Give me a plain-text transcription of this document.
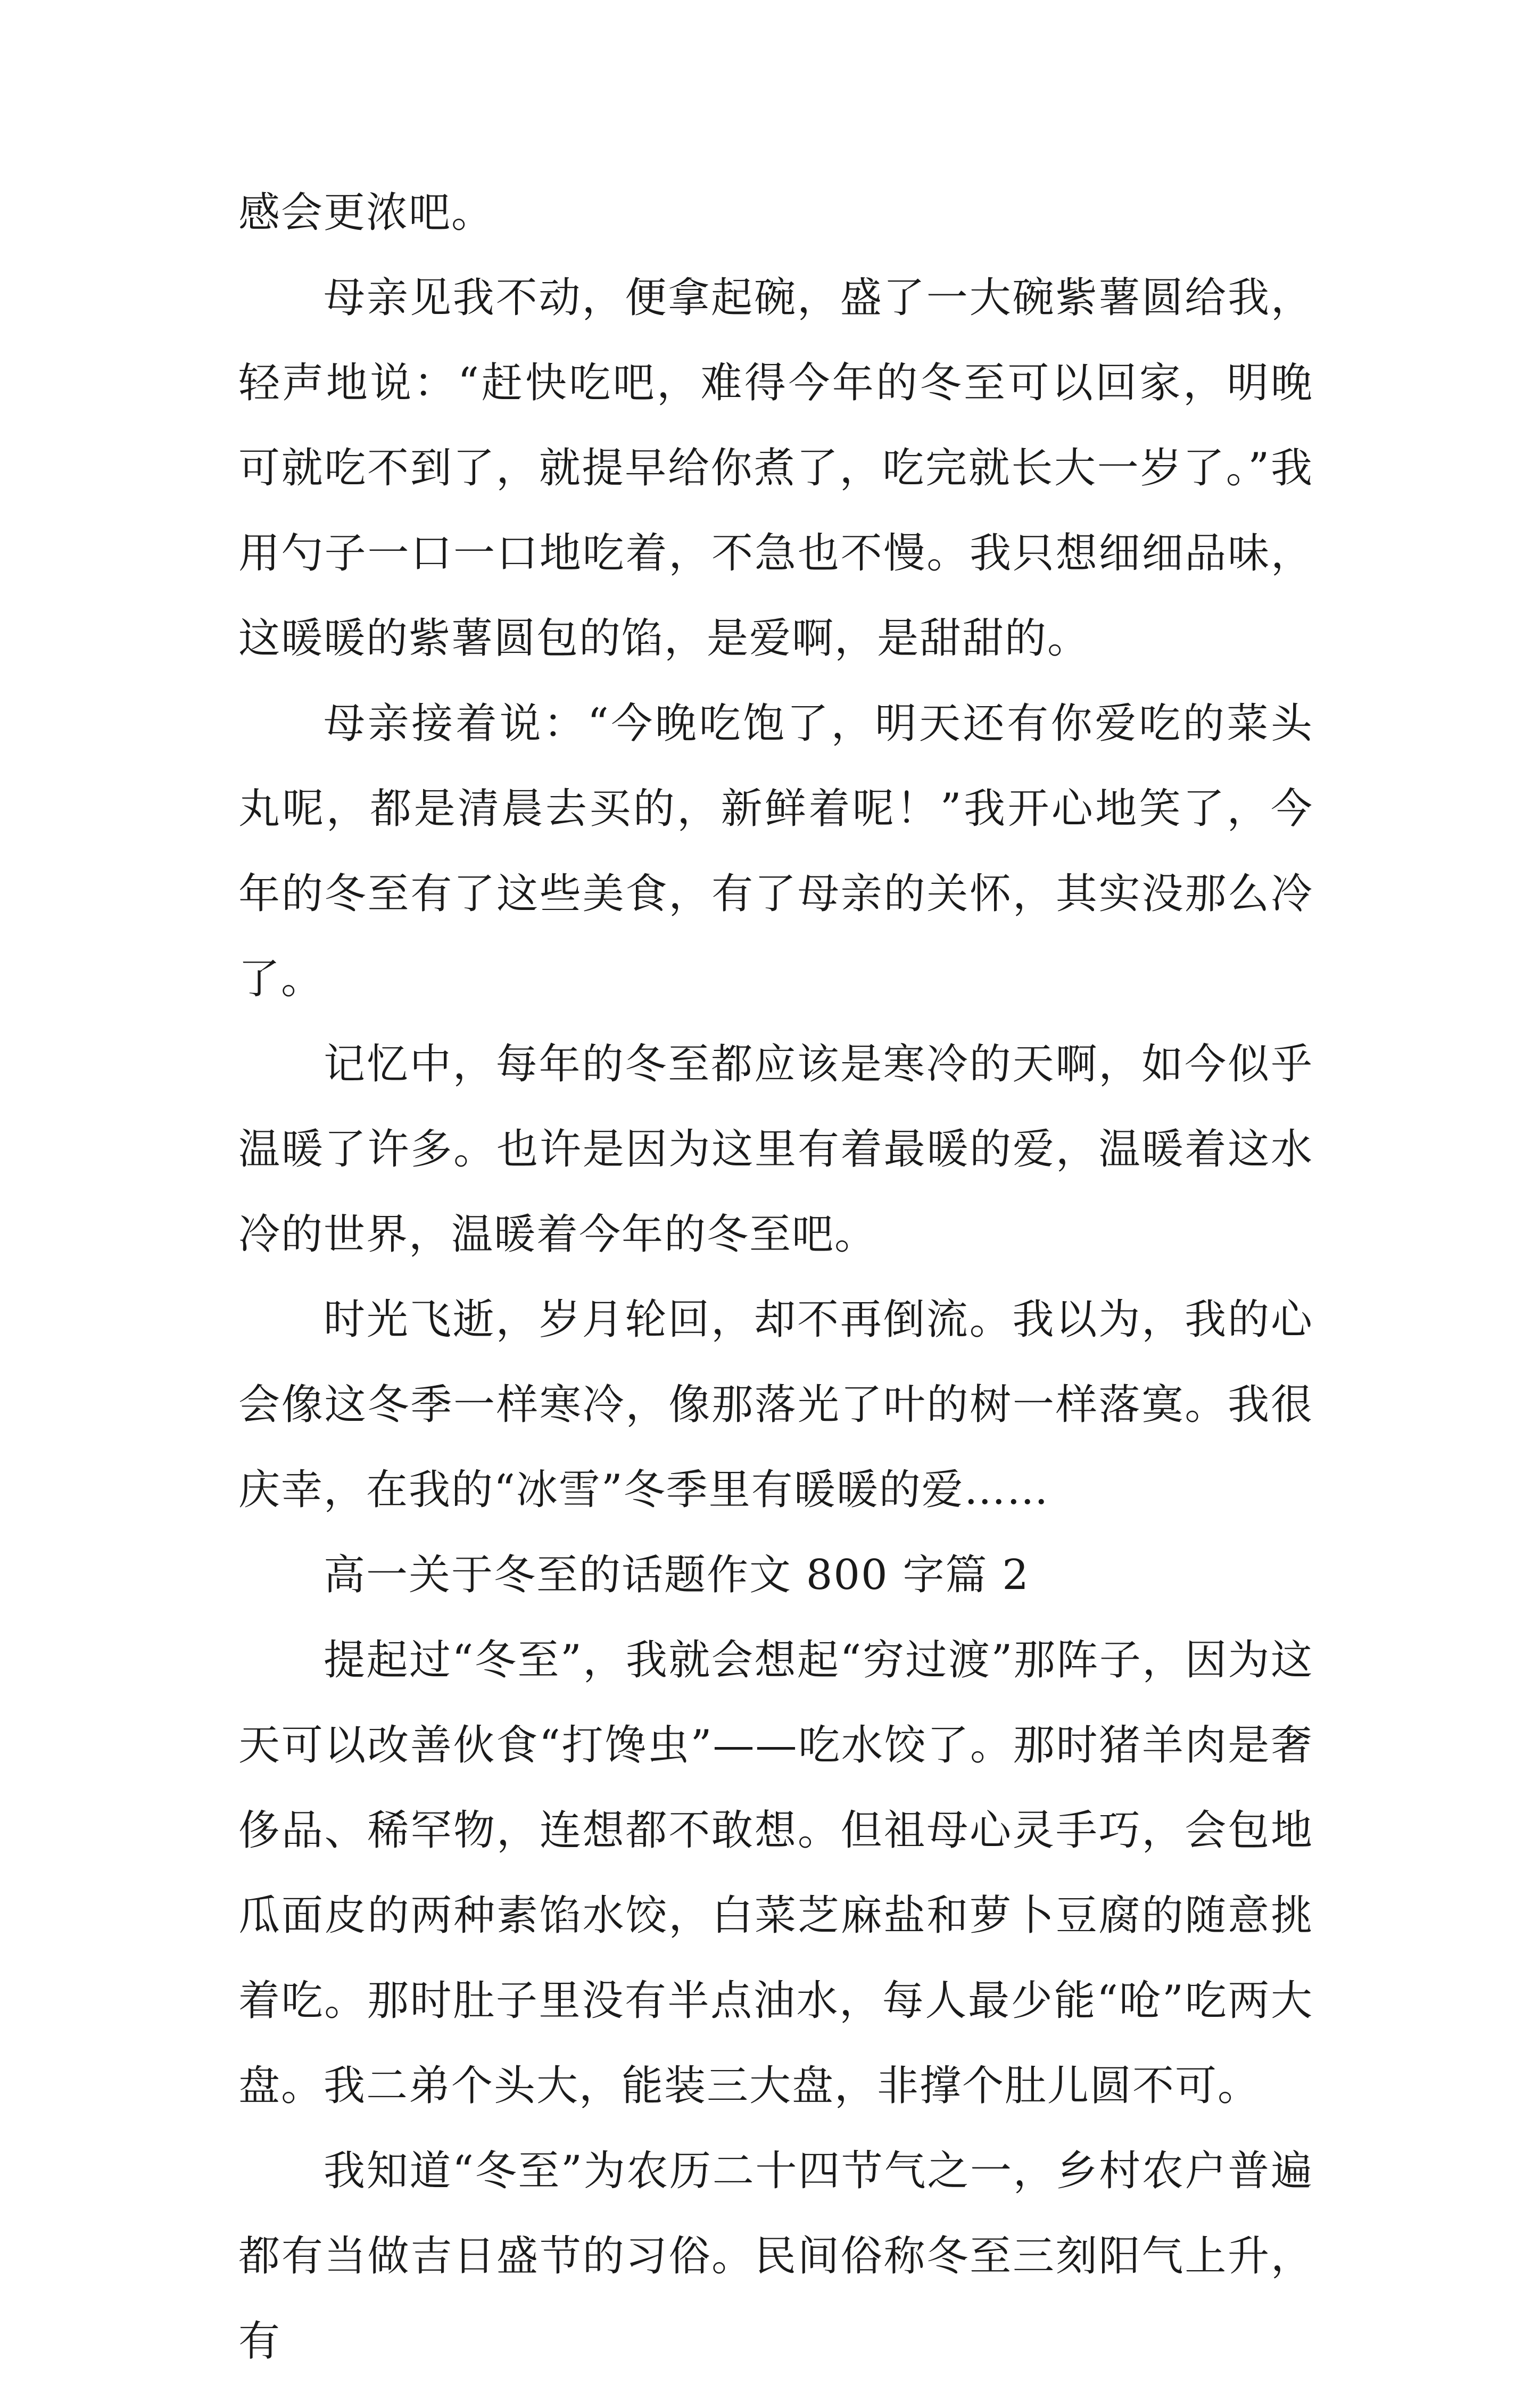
感会更浓吧。

母亲见我不动，便拿起碗，盛了一大碗紫薯圆给我，轻声地说：“赶快吃吧，难得今年的冬至可以回家，明晚可就吃不到了，就提早给你煮了，吃完就长大一岁了。”我用勺子一口一口地吃着，不急也不慢。我只想细细品味，这暖暖的紫薯圆包的馅，是爱啊，是甜甜的。

母亲接着说：“今晚吃饱了，明天还有你爱吃的菜头丸呢，都是清晨去买的，新鲜着呢！”我开心地笑了，今年的冬至有了这些美食，有了母亲的关怀，其实没那么冷了。

记忆中，每年的冬至都应该是寒冷的天啊，如今似乎温暖了许多。也许是因为这里有着最暖的爱，温暖着这水冷的世界，温暖着今年的冬至吧。

时光飞逝，岁月轮回，却不再倒流。我以为，我的心会像这冬季一样寒冷，像那落光了叶的树一样落寞。我很庆幸，在我的“冰雪”冬季里有暖暖的爱……

高一关于冬至的话题作文 800 字篇 2

提起过“冬至”，我就会想起“穷过渡”那阵子，因为这天可以改善伙食“打馋虫”——吃水饺了。那时猪羊肉是奢侈品、稀罕物，连想都不敢想。但祖母心灵手巧，会包地瓜面皮的两种素馅水饺，白菜芝麻盐和萝卜豆腐的随意挑着吃。那时肚子里没有半点油水，每人最少能“呛”吃两大盘。我二弟个头大，能装三大盘，非撑个肚儿圆不可。

我知道“冬至”为农历二十四节气之一，乡村农户普遍都有当做吉日盛节的习俗。民间俗称冬至三刻阳气上升，有
